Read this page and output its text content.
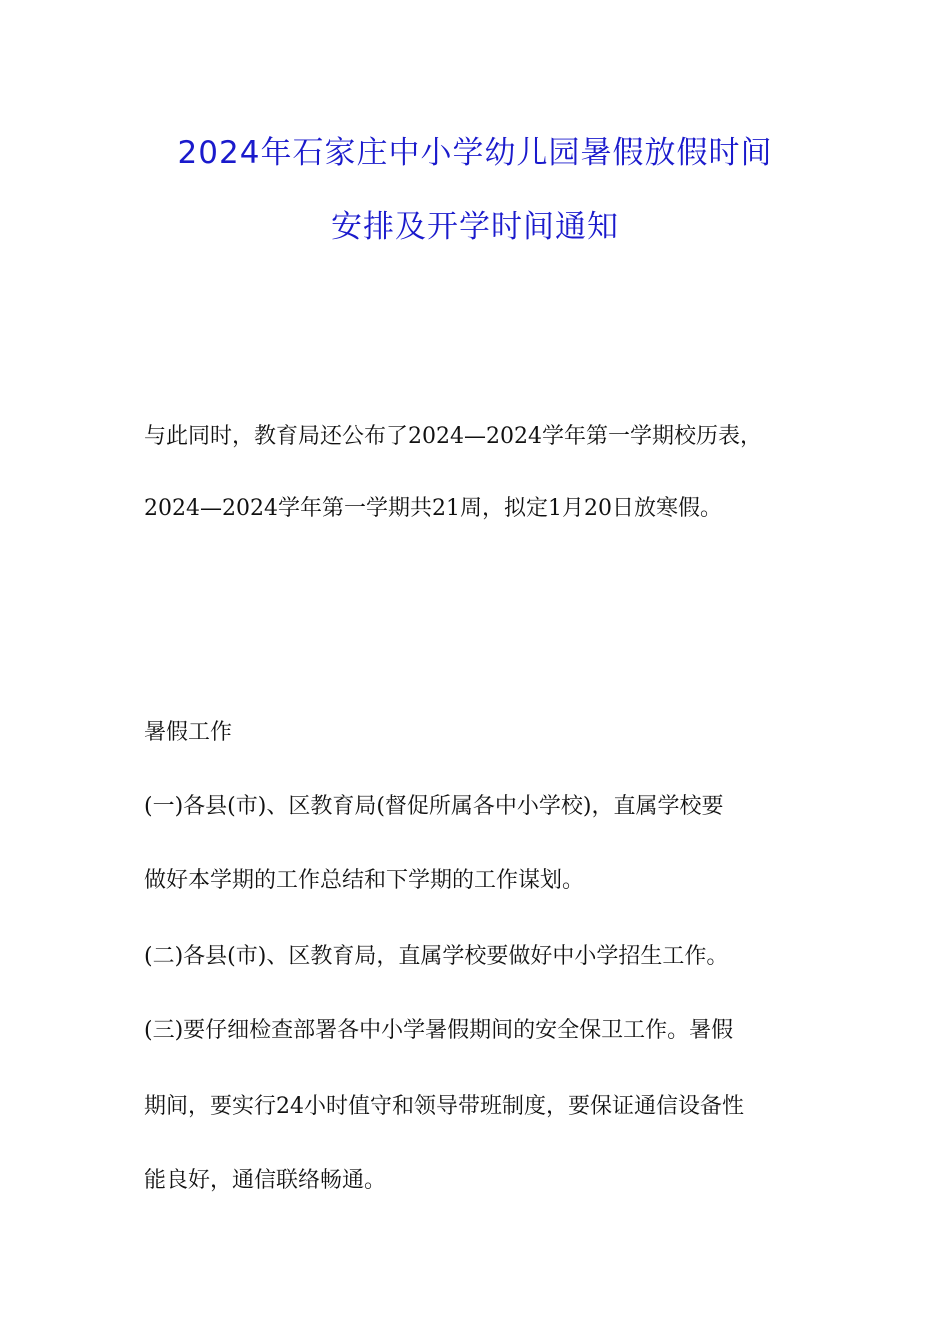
2024年石家庄中小学幼儿园暑假放假时间
安排及开学时间通知
与此同时，教育局还公布了2024—2024学年第一学期校历表，
2024—2024学年第一学期共21周，拟定1月20日放寒假。
暑假工作
(一)各县(市)、区教育局(督促所属各中小学校)，直属学校要
做好本学期的工作总结和下学期的工作谋划。
(二)各县(市)、区教育局，直属学校要做好中小学招生工作。
(三)要仔细检查部署各中小学暑假期间的安全保卫工作。暑假
期间，要实行24小时值守和领导带班制度，要保证通信设备性
能良好，通信联络畅通。
